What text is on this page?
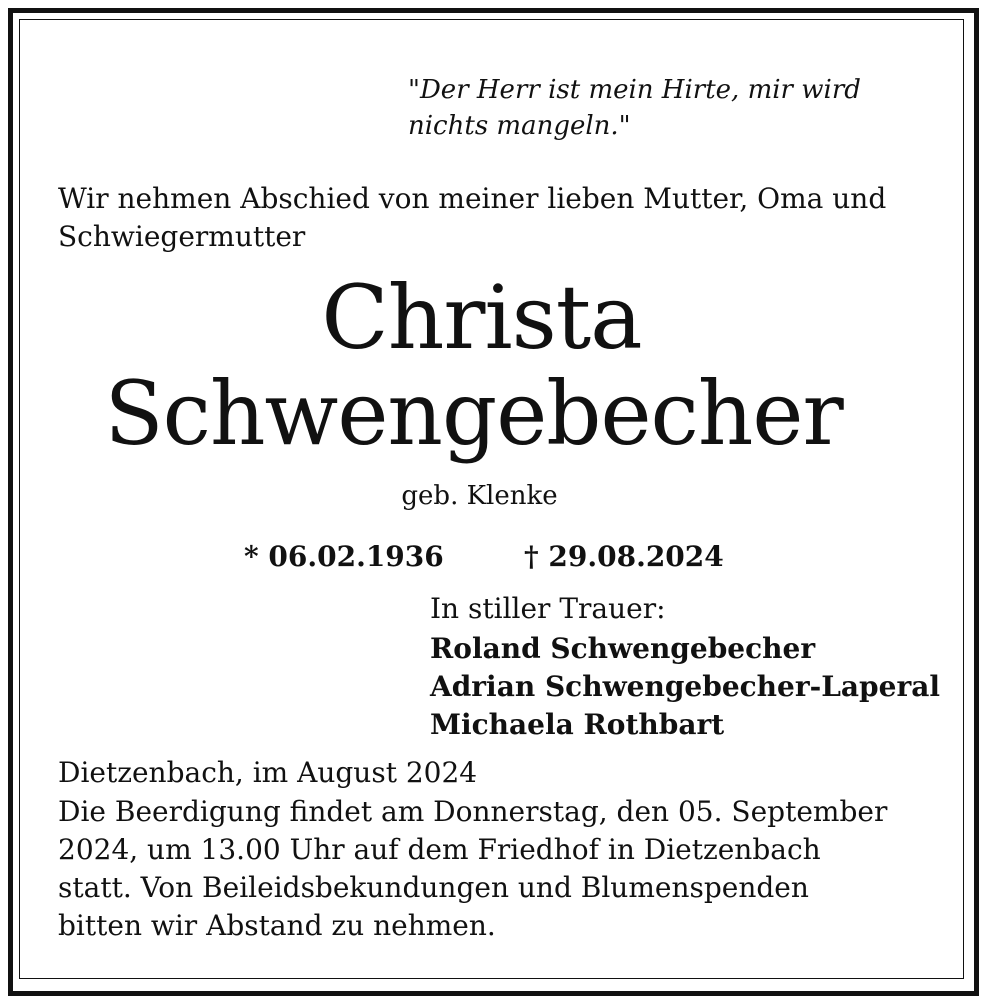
"Der Herr ist mein Hirte, mir wird nichts mangeln."
Wir nehmen Abschied von meiner lieben Mutter, Oma und Schwiegermutter
Christa
Schwengebecher
geb. Klenke
* 06.02.1936	† 29.08.2024
In stiller Trauer:
Roland Schwengebecher
Adrian Schwengebecher-Laperal
Michaela Rothbart
Dietzenbach, im August 2024
Die Beerdigung findet am Donnerstag, den 05. September 2024, um 13.00 Uhr auf dem Friedhof in Dietzenbach statt. Von Beileidsbekundungen und Blumenspenden bitten wir Abstand zu nehmen.
